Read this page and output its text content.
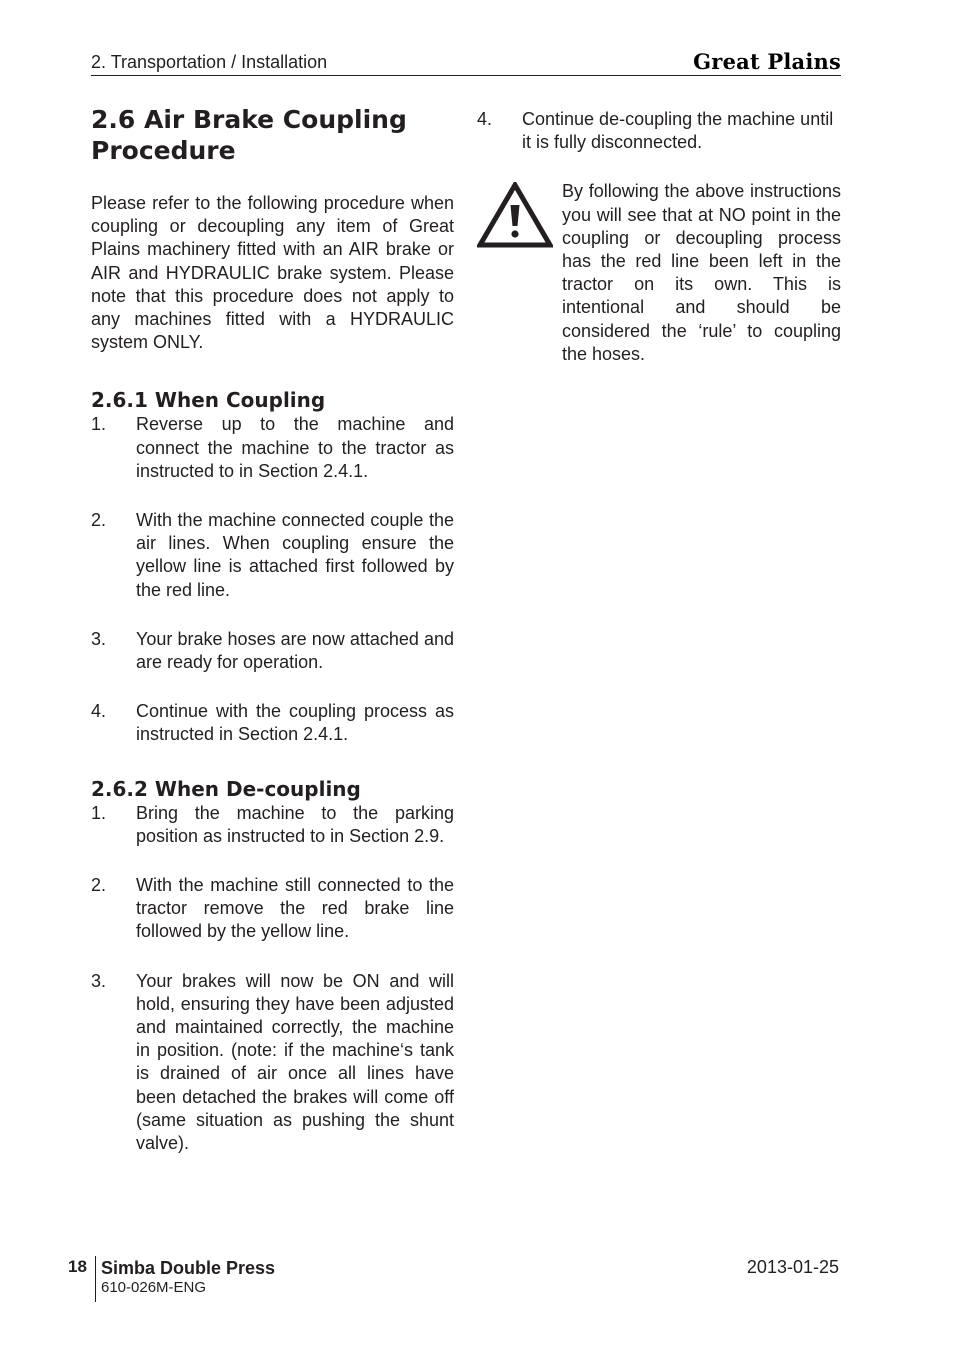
2. Transportation / Installation	Great Plains
2.6 Air Brake Coupling Procedure

Please refer to the following procedure when coupling or decoupling any item of Great Plains machinery fitted with an AIR brake or AIR and HYDRAULIC brake system. Please note that this procedure does not apply to any machines fitted with a HYDRAULIC system ONLY.

2.6.1 When Coupling
1.	Reverse up to the machine and connect the machine to the tractor as instructed to in Section 2.4.1.
2.	With the machine connected couple the air lines. When coupling ensure the yellow line is attached first followed by the red line.
3.	Your brake hoses are now attached and are ready for operation.
4.	Continue with the coupling process as instructed in Section 2.4.1.
2.6.2 When De-coupling
1.	Bring the machine to the parking position as instructed to in Section 2.9.
2.	With the machine still connected to the tractor remove the red brake line followed by the yellow line.
3.	Your brakes will now be ON and will hold, ensuring they have been adjusted and maintained correctly, the machine in position. (note: if the machine‘s tank is drained of air once all lines have been detached the brakes will come off (same situation as pushing the shunt valve).
4.	Continue de-coupling the machine until it is fully disconnected.
By following the above instructions you will see that at NO point in the coupling or decoupling process has the red line been left in the tractor on its own. This is intentional and should be considered the ‘rule’ to coupling the hoses.
18 Simba Double Press
610-026M-ENG
2013-01-25
